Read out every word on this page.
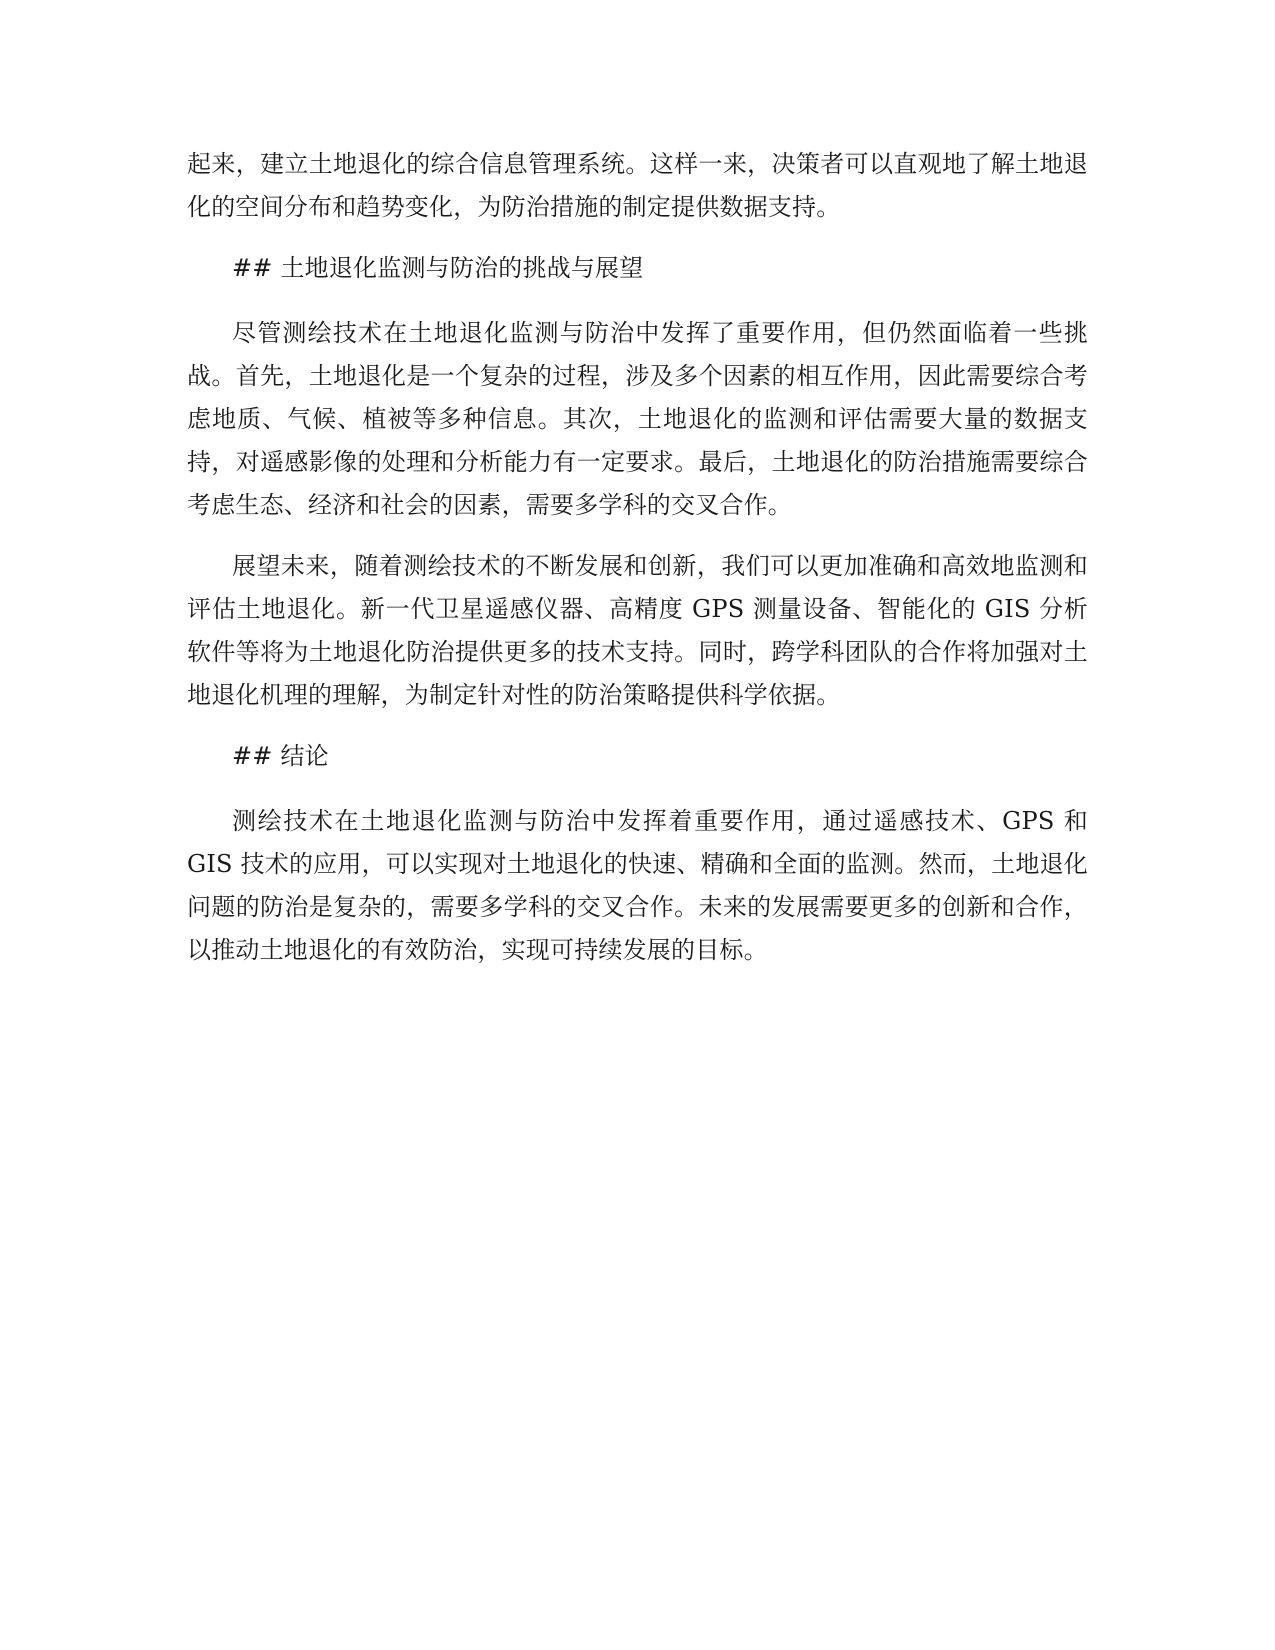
起来，建立土地退化的综合信息管理系统。这样一来，决策者可以直观地了解土地退化的空间分布和趋势变化，为防治措施的制定提供数据支持。

## 土地退化监测与防治的挑战与展望

尽管测绘技术在土地退化监测与防治中发挥了重要作用，但仍然面临着一些挑战。首先，土地退化是一个复杂的过程，涉及多个因素的相互作用，因此需要综合考虑地质、气候、植被等多种信息。其次，土地退化的监测和评估需要大量的数据支持，对遥感影像的处理和分析能力有一定要求。最后，土地退化的防治措施需要综合考虑生态、经济和社会的因素，需要多学科的交叉合作。

展望未来，随着测绘技术的不断发展和创新，我们可以更加准确和高效地监测和评估土地退化。新一代卫星遥感仪器、高精度 GPS 测量设备、智能化的 GIS 分析软件等将为土地退化防治提供更多的技术支持。同时，跨学科团队的合作将加强对土地退化机理的理解，为制定针对性的防治策略提供科学依据。

## 结论

测绘技术在土地退化监测与防治中发挥着重要作用，通过遥感技术、GPS 和 GIS 技术的应用，可以实现对土地退化的快速、精确和全面的监测。然而，土地退化问题的防治是复杂的，需要多学科的交叉合作。未来的发展需要更多的创新和合作，以推动土地退化的有效防治，实现可持续发展的目标。
